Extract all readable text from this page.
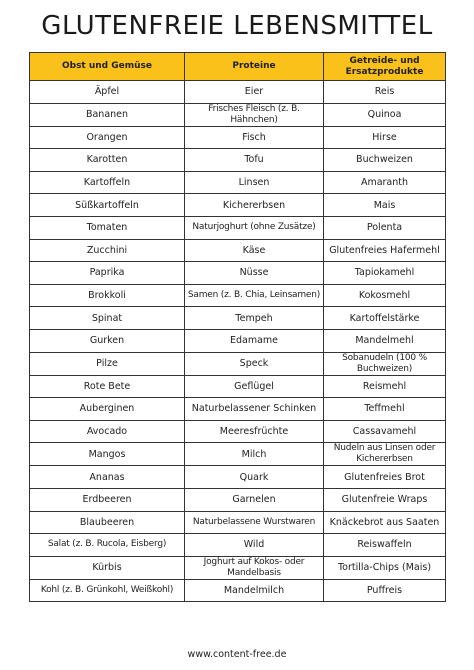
GLUTENFREIE LEBENSMITTEL
Obst und Gemüse	Proteine	Getreide- und Ersatzprodukte
Äpfel	Eier	Reis
Bananen	Frisches Fleisch (z. B. Hähnchen)	Quinoa
Orangen	Fisch	Hirse
Karotten	Tofu	Buchweizen
Kartoffeln	Linsen	Amaranth
Süßkartoffeln	Kichererbsen	Mais
Tomaten	Naturjoghurt (ohne Zusätze)	Polenta
Zucchini	Käse	Glutenfreies Hafermehl
Paprika	Nüsse	Tapiokamehl
Brokkoli	Samen (z. B. Chia, Leinsamen)	Kokosmehl
Spinat	Tempeh	Kartoffelstärke
Gurken	Edamame	Mandelmehl
Pilze	Speck	Sobanudeln (100 % Buchweizen)
Rote Bete	Geflügel	Reismehl
Auberginen	Naturbelassener Schinken	Teffmehl
Avocado	Meeresfrüchte	Cassavamehl
Mangos	Milch	Nudeln aus Linsen oder Kichererbsen
Ananas	Quark	Glutenfreies Brot
Erdbeeren	Garnelen	Glutenfreie Wraps
Blaubeeren	Naturbelassene Wurstwaren	Knäckebrot aus Saaten
Salat (z. B. Rucola, Eisberg)	Wild	Reiswaffeln
Kürbis	Joghurt auf Kokos- oder Mandelbasis	Tortilla-Chips (Mais)
Kohl (z. B. Grünkohl, Weißkohl)	Mandelmilch	Puffreis
www.content-free.de
